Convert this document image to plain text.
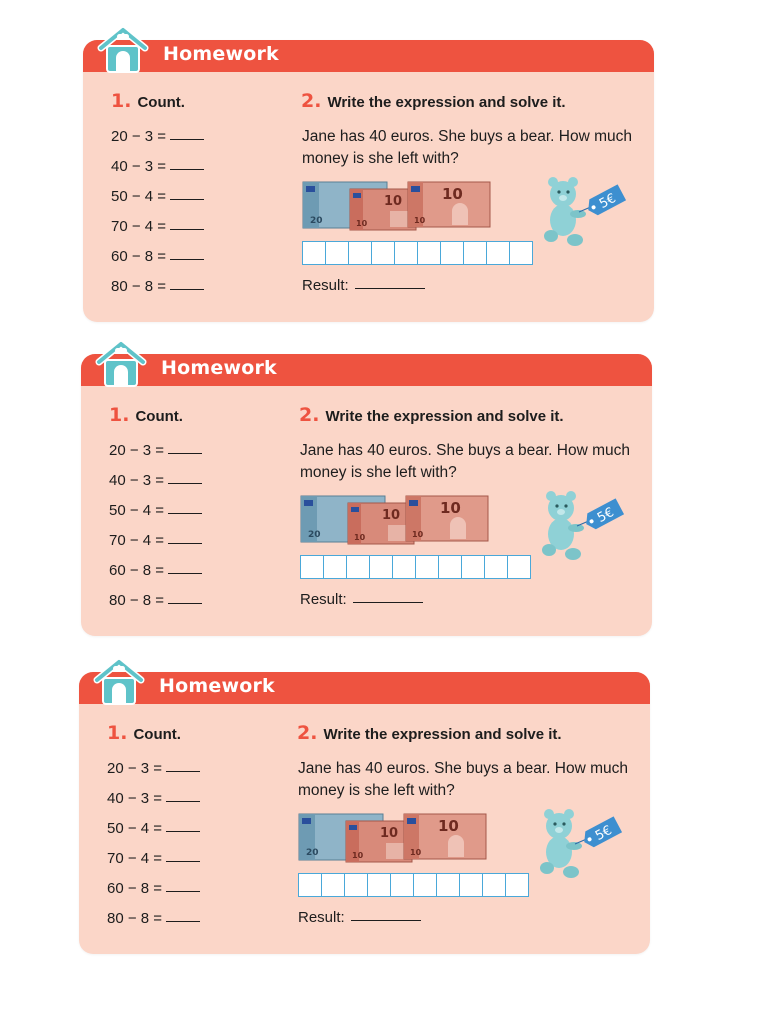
Homework
1. Count.
20 − 3 =
40 − 3 =
50 − 4 =
70 − 4 =
60 − 8 =
80 − 8 =
2. Write the expression and solve it.
Jane has 40 euros. She buys a bear. How much money is she left with?
20
10
10
10
10
5€
Result:
Homework
1. Count.
20 − 3 =
40 − 3 =
50 − 4 =
70 − 4 =
60 − 8 =
80 − 8 =
2. Write the expression and solve it.
Jane has 40 euros. She buys a bear. How much money is she left with?
20
10
10
10
10
5€
Result:
Homework
1. Count.
20 − 3 =
40 − 3 =
50 − 4 =
70 − 4 =
60 − 8 =
80 − 8 =
2. Write the expression and solve it.
Jane has 40 euros. She buys a bear. How much money is she left with?
20
10
10
10
10
5€
Result:
